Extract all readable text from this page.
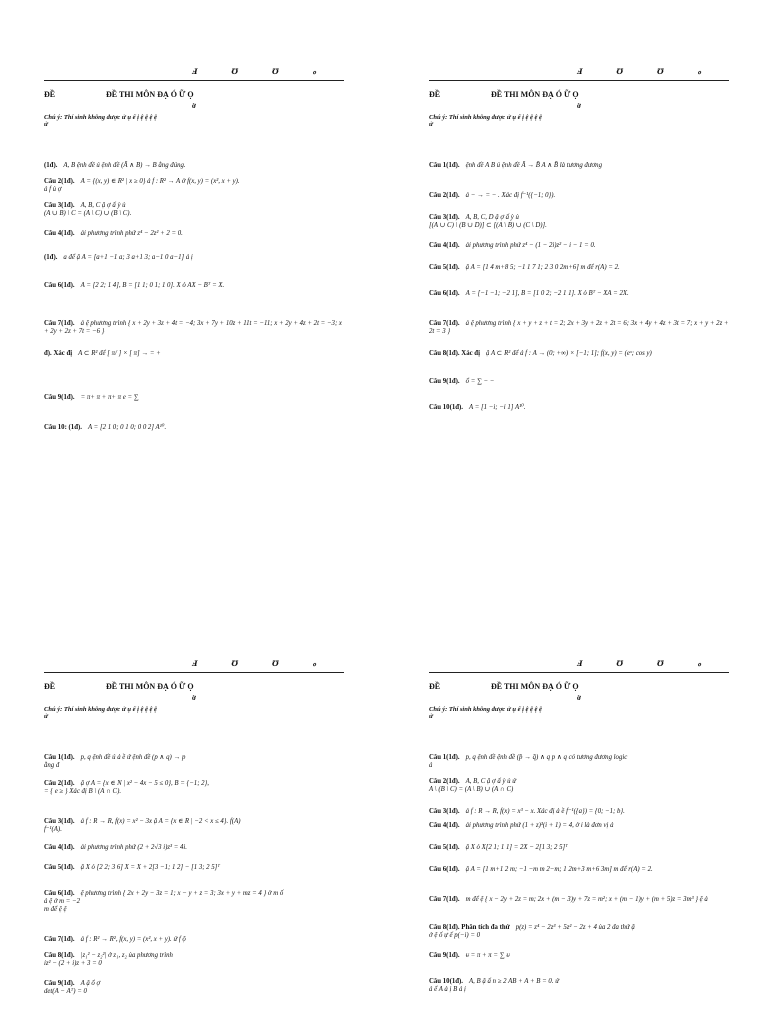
Ⅎ ℧ ℧ ℴ
ĐỀ	ĐỀ THI MÔN ĐẠ Ó Ữ Ọ
ờ
Chú ý: Thí sinh không được ử ụ ế ị ệ ệ ệ ệ
ử
(1đ). A, B ệnh đề ú ệnh đề (Ā ∧ B) → B ằng đúng.
Câu 2(1đ). A = {(x, y) ∈ R² | x ≥ 0} ả f : R² → A ở f(x, y) = (x², x + y).
ả f ủ ợ
Câu 3(1đ). A, B, C ậ ợ ấ ỳ ủ
(A ∪ B) \ C = (A \ C) ∪ (B \ C).
Câu 4(1đ). ải phương trình phứ z⁴ − 2z² + 2 = 0.
(1đ). a để ậ A = [a+1 −1 a; 3 a+1 3; a−1 0 a−1] ả ị
Câu 6(1đ). A = [2 2; 1 4], B = [1 1; 0 1; 1 0]. X ỏ AX − Bᵀ = X.
Câu 7(1đ). ả ệ phương trình { x + 2y + 3z + 4t = −4; 3x + 7y + 10z + 11t = −11; x + 2y + 4z + 2t = −3; x + 2y + 2z + 7t = −6 }
đ). Xác đị A ⊂ R² để [ π/ ] × [ π] → = +
Câu 9(1đ). = π+ π + π+ π e = ∑
Câu 10: (1đ). A = [2 1 0; 0 1 0; 0 0 2] A¹⁰.
Ⅎ ℧ ℧ ℴ
ĐỀ	ĐỀ THI MÔN ĐẠ Ó Ữ Ọ
ờ
Chú ý: Thí sinh không được ử ụ ế ị ệ ệ ệ ệ
ử
Câu 1(1đ). ệnh đề A B ú ệnh đề Ā → B̄ A ∧ B̄ là tương đương
Câu 2(1đ). ả − → = − . Xác đị f⁻¹({−1; 0}).
Câu 3(1đ). A, B, C, D ậ ợ ấ ỳ ủ
[(A ∪ C) \ (B ∪ D)] ⊂ [(A \ B) ∪ (C \ D)].
Câu 4(1đ). ải phương trình phứ z⁴ − (1 − 2i)z² − i − 1 = 0.
Câu 5(1đ). ậ A = [1 4 m+8 5; −1 1 7 1; 2 3 0 2m+6] m để r(A) = 2.
Câu 6(1đ). A = [−1 −1; −2 1], B = [1 0 2; −2 1 1]. X ỏ Bᵀ − XA = 2X.
Câu 7(1đ). ả ệ phương trình { x + y + z + t = 2; 2x + 3y + 2z + 2t = 6; 3x + 4y + 4z + 3t = 7; x + y + 2z + 2t = 3 }
Câu 8(1đ). Xác đị ậ A ⊂ R² để ả f : A → (0; +∞) × [−1; 1]; f(x, y) = (eˣ; cos y)
Câu 9(1đ). ổ = ∑ − −
Câu 10(1đ). A = [1 −i; −i 1] A¹⁰.
Ⅎ ℧ ℧ ℴ
ĐỀ	ĐỀ THI MÔN ĐẠ Ó Ữ Ọ
ờ
Chú ý: Thí sinh không được ử ụ ế ị ệ ệ ệ ệ
ử
Câu 1(1đ). p, q ệnh đề ú ả ề ứ ệnh đề (p ∧ q) → p
ằng đ
Câu 2(1đ). ậ ợ A = {x ∈ N | x² − 4x − 5 ≤ 0}, B = {−1; 2},
= { e ≥ } Xác đị B \ (A ∩ C).
Câu 3(1đ). ả f : R → R, f(x) = x² − 3x ậ A = {x ∈ R | −2 < x ≤ 4}. f(A)
f⁻¹(A).
Câu 4(1đ). ải phương trình phứ (2 + 2√3 i)z³ = 4i.
Câu 5(1đ). ậ X ỏ [2 2; 3 6] X = X + 2[3 −1; 1 2] − [1 3; 2 5]ᵀ
Câu 6(1đ). ệ phương trình { 2x + 2y − 3z = 1; x − y + z = 3; 3x + y + mz = 4 } ờ m ố
ả ệ ở m = −2
m để ệ ệ
Câu 7(1đ). ả f : R² → R², f(x, y) = (x², x + y). ứ f ộ
Câu 8(1đ). |z₁² − z₂²| ở z₁, z₂ ủa phương trình
iz² − (2 + i)z + 3 = 0
Câu 9(1đ). A ậ ổ ợ
det(A − Aᵀ) = 0
Ⅎ ℧ ℧ ℴ
ĐỀ	ĐỀ THI MÔN ĐẠ Ó Ữ Ọ
ờ
Chú ý: Thí sinh không được ử ụ ế ị ệ ệ ệ ệ
ử
Câu 1(1đ). p, q ệnh đề ệnh đề (p̄ → q̄) ∧ q p ∧ q có tương đương logic
ả
Câu 2(1đ). A, B, C ậ ợ ấ ỳ ủ ứ
A \ (B \ C) = (A \ B) ∪ (A ∩ C)
Câu 3(1đ). ả f : R → R, f(x) = x³ − x. Xác đị ả ề f⁻¹({a}) = {0; −1; b}.
Câu 4(1đ). ải phương trình phứ (1 + z)³(i + 1) = 4, ở i là đơn vị ả
Câu 5(1đ). ậ X ỏ X[2 1; 1 1] = 2X − 2[1 3; 2 5]ᵀ
Câu 6(1đ). ậ A = [1 m+1 2 m; −1 −m m 2−m; 1 2m+3 m+6 3m] m để r(A) = 2.
Câu 7(1đ). m để ệ { x − 2y + 2z = m; 2x + (m − 3)y + 7z = m²; x + (m − 1)y + (m + 5)z = 3m³ } ệ ả
Câu 8(1đ). Phân tích đa thứ p(z) = z⁴ − 2z³ + 5z² − 2z + 4 ủa 2 đa thứ ậ
ở ệ ố ự ế p(−i) = 0
Câu 9(1đ). ᵾ = π + π = ∑ ᵾ
Câu 10(1đ). A, B ậ ấ n ≥ 2 AB + A + B = 0. ứ
ả ể A ả ị B ả ị
